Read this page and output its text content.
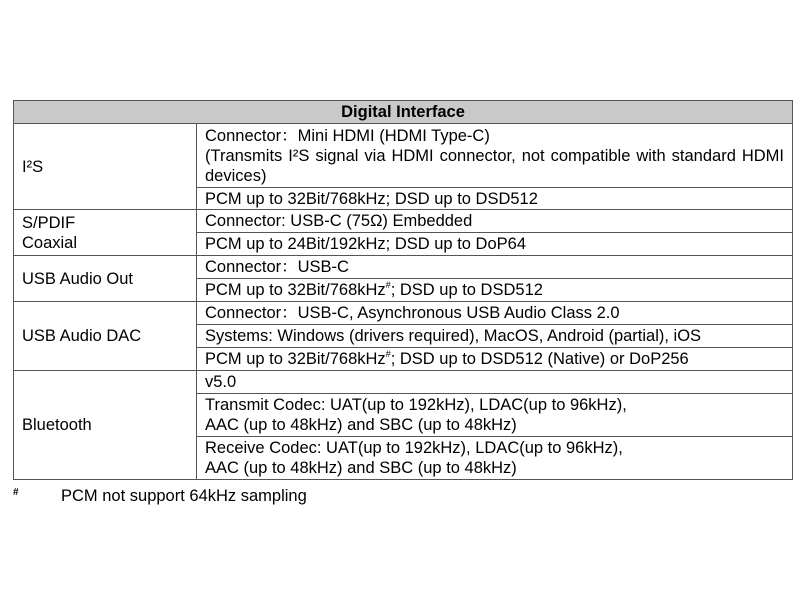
Digital Interface	
I²S	Connector：Mini HDMI (HDMI Type-C)
(Transmits I²S signal via HDMI connector, not compatible with standard HDMI devices)

	PCM up to 32Bit/768kHz; DSD up to DSD512

S/PDIF
Coaxial	Connector: USB-C (75Ω) Embedded
	PCM up to 24Bit/192kHz; DSD up to DoP64
USB Audio Out	Connector：USB-C
	PCM up to 32Bit/768kHz#; DSD up to DSD512
USB Audio DAC	Connector：USB-C, Asynchronous USB Audio Class 2.0
	Systems: Windows (drivers required), MacOS, Android (partial), iOS
	PCM up to 32Bit/768kHz#; DSD up to DSD512 (Native) or DoP256
Bluetooth	v5.0

	Transmit Codec: UAT(up to 192kHz), LDAC(up to 96kHz),
AAC (up to 48kHz) and SBC (up to 48kHz)

	Receive Codec: UAT(up to 192kHz), LDAC(up to 96kHz),
AAC (up to 48kHz) and SBC (up to 48kHz)
#	PCM not support 64kHz sampling
